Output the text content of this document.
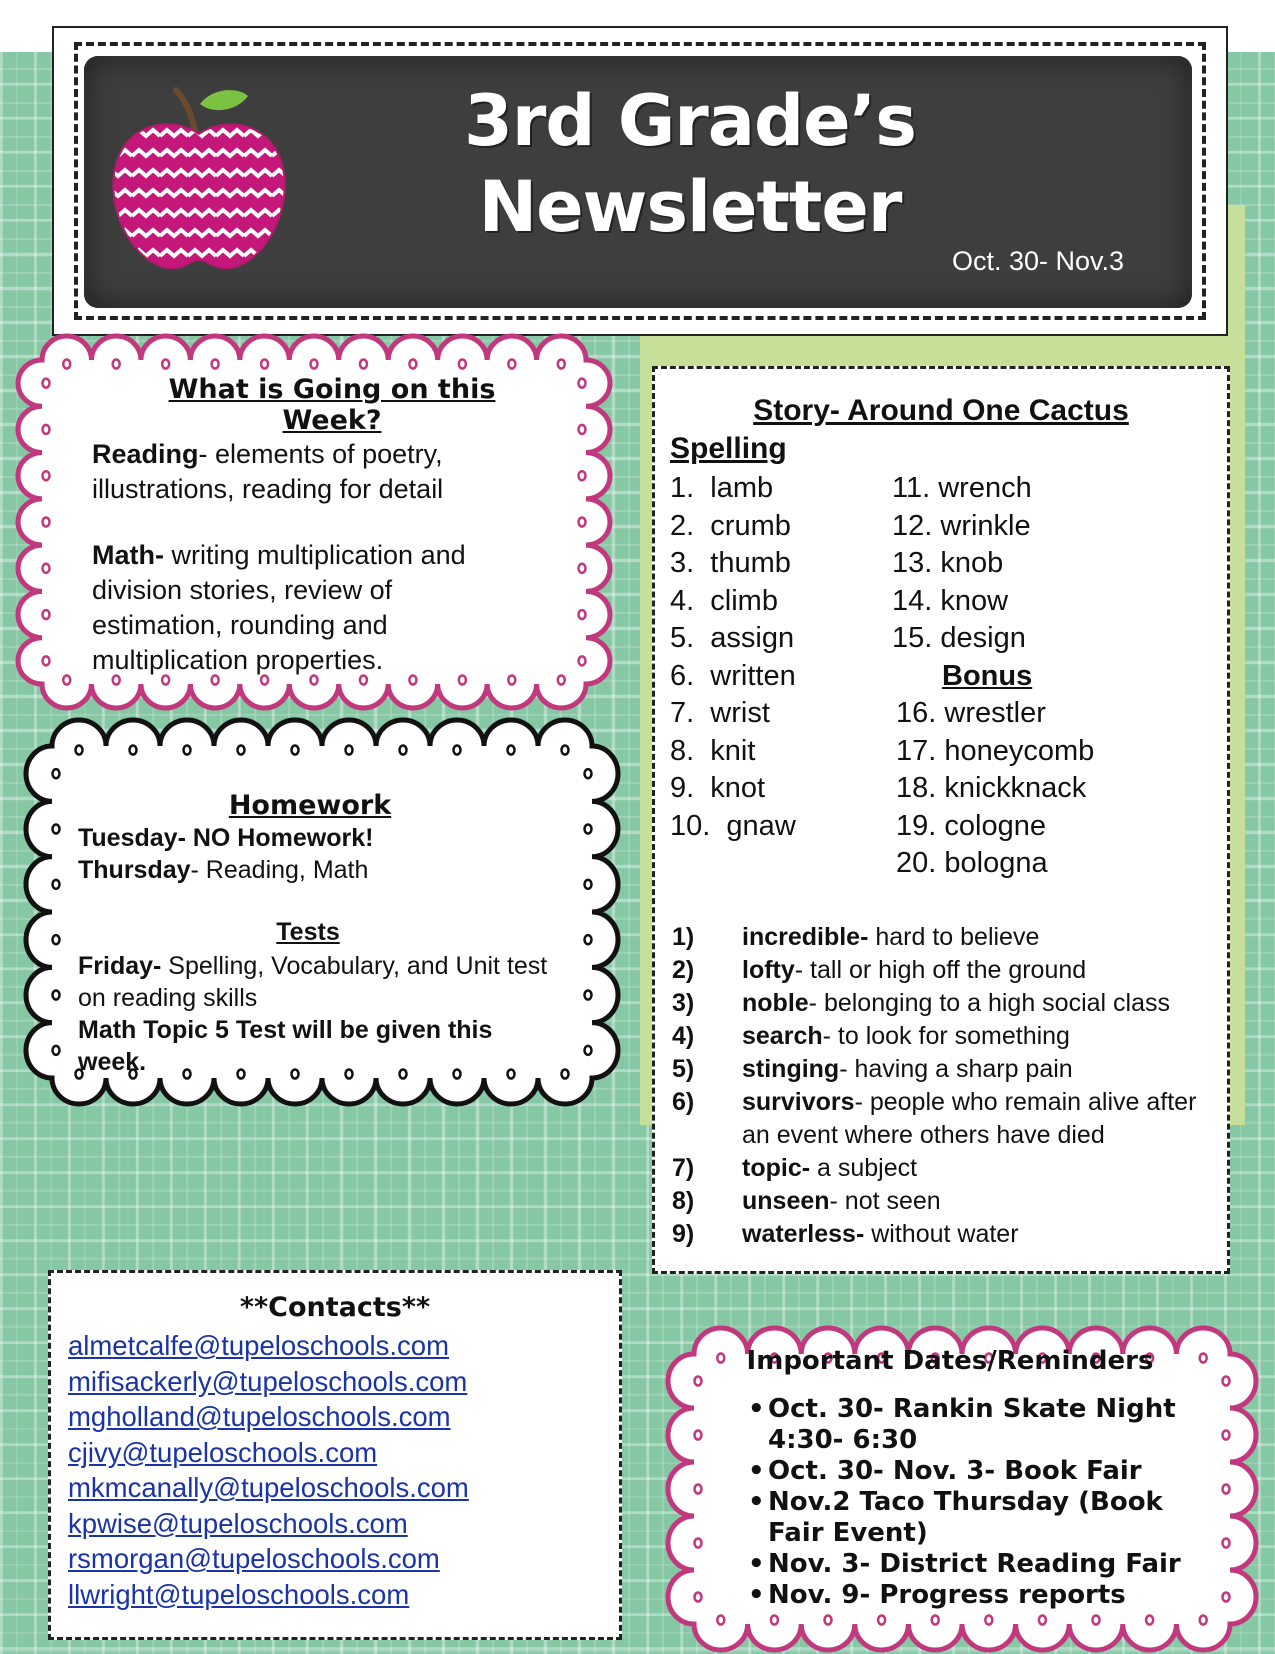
3rd Grade’s
Newsletter
Oct. 30- Nov.3
What is Going on this Week?
Reading- elements of poetry, illustrations, reading for detail
Math- writing multiplication and division stories, review of estimation, rounding and multiplication properties.
Homework
Tuesday- NO Homework!
Thursday- Reading, Math
Tests
Friday- Spelling, Vocabulary, and Unit test on reading skills
Math Topic 5 Test will be given this week.
Story- Around One Cactus
Spelling
1.  lamb
2.  crumb
3.  thumb
4.  climb
5.  assign
6.  written
7.  wrist
8.  knit
9.  knot
10.  gnaw
11. wrench
12. wrinkle
13. knob
14. know
15. design
Bonus
16. wrestler
17. honeycomb
18. knickknack
19. cologne
20. bologna
1)	incredible- hard to believe
2)	lofty- tall or high off the ground
3)	noble- belonging to a high social class
4)	search- to look for something
5)	stinging- having a sharp pain
6)	survivors- people who remain alive after an event where others have died
7)	topic- a subject
8)	unseen- not seen
9)	waterless- without water
**Contacts**
almetcalfe@tupeloschools.com
mifisackerly@tupeloschools.com
mgholland@tupeloschools.com
cjivy@tupeloschools.com
mkmcanally@tupeloschools.com
kpwise@tupeloschools.com
rsmorgan@tupeloschools.com
llwright@tupeloschools.com
Important Dates/Reminders
• Oct. 30- Rankin Skate Night 4:30- 6:30
• Oct. 30- Nov. 3- Book Fair
• Nov.2 Taco Thursday (Book Fair Event)
• Nov. 3- District Reading Fair
• Nov. 9- Progress reports
